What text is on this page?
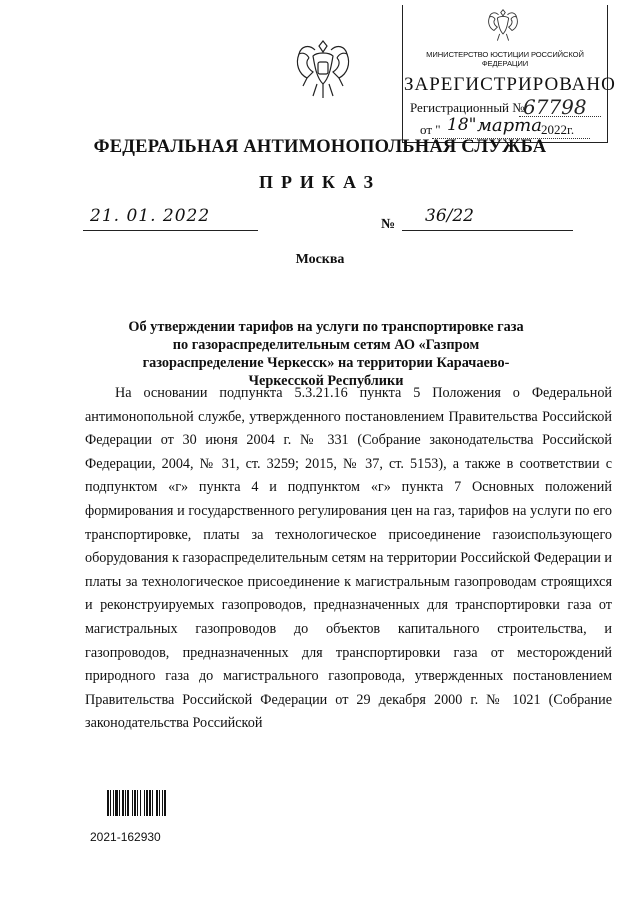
МИНИСТЕРСТВО ЮСТИЦИИ РОССИЙСКОЙ ФЕДЕРАЦИИ
ЗАРЕГИСТРИРОВАНО
Регистрационный №
67798
от " 18" марта 2022г.
ФЕДЕРАЛЬНАЯ АНТИМОНОПОЛЬНАЯ СЛУЖБА
ПРИКАЗ
21. 01. 2022	№ 36/22
Москва
Об утверждении тарифов на услуги по транспортировке газа по газораспределительным сетям АО «Газпром газораспределение Черкесск» на территории Карачаево-Черкесской Республики
На основании подпункта 5.3.21.16 пункта 5 Положения о Федеральной антимонопольной службе, утвержденного постановлением Правительства Российской Федерации от 30 июня 2004 г. № 331 (Собрание законодательства Российской Федерации, 2004, № 31, ст. 3259; 2015, № 37, ст. 5153), а также в соответствии с подпунктом «г» пункта 4 и подпунктом «г» пункта 7 Основных положений формирования и государственного регулирования цен на газ, тарифов на услуги по его транспортировке, платы за технологическое присоединение газоиспользующего оборудования к газораспределительным сетям на территории Российской Федерации и платы за технологическое присоединение к магистральным газопроводам строящихся и реконструируемых газопроводов, предназначенных для транспортировки газа от магистральных газопроводов до объектов капитального строительства, и газопроводов, предназначенных для транспортировки газа от месторождений природного газа до магистрального газопровода, утвержденных постановлением Правительства Российской Федерации от 29 декабря 2000 г. № 1021 (Собрание законодательства Российской
2021-162930
